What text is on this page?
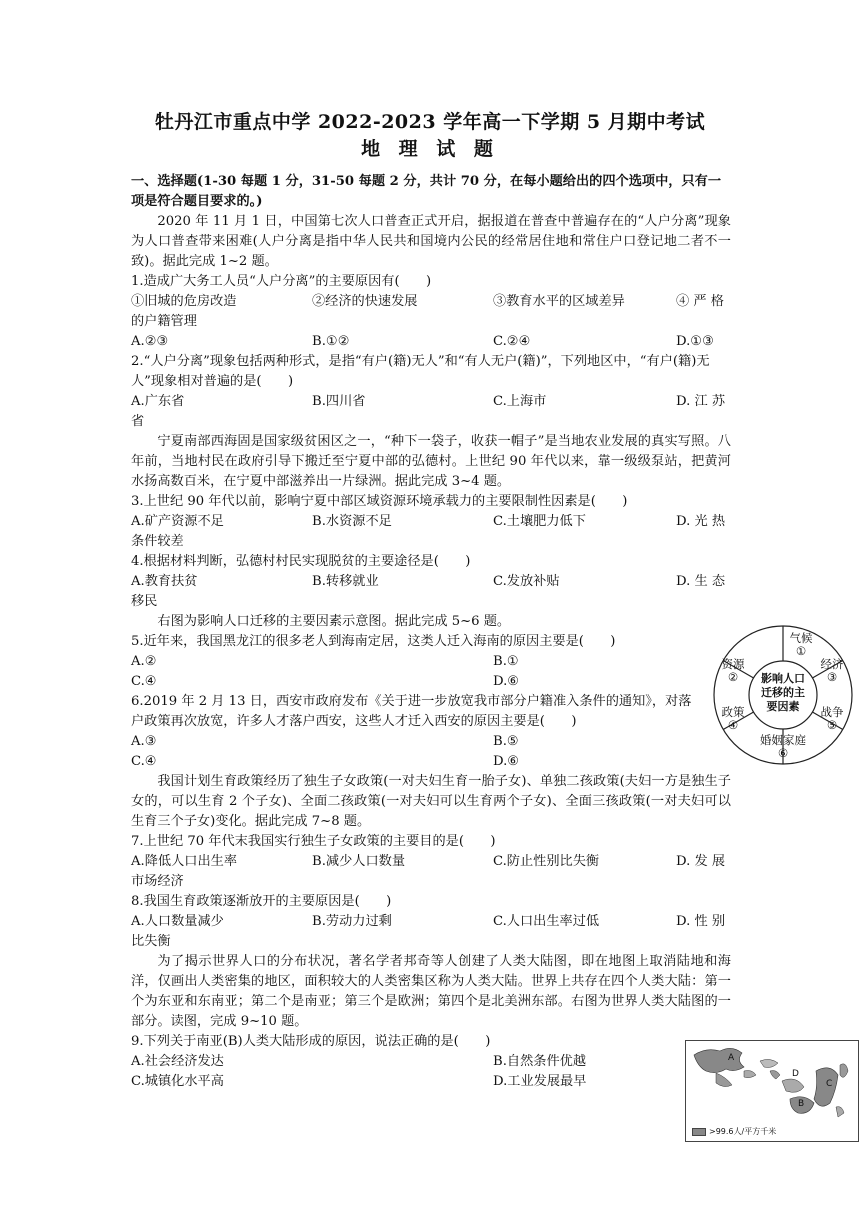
牡丹江市重点中学 2022-2023 学年高一下学期 5 月期中考试
地 理 试 题
一、选择题(1-30 每题 1 分，31-50 每题 2 分，共计 70 分，在每小题给出的四个选项中，只有一项是符合题目要求的。)
2020 年 11 月 1 日，中国第七次人口普查正式开启，据报道在普查中普遍存在的“人户分离”现象为人口普查带来困难(人户分离是指中华人民共和国境内公民的经常居住地和常住户口登记地二者不一致)。据此完成 1~2 题。
1.造成广大务工人员“人户分离”的主要原因有(　　)
①旧城的危房改造	②经济的快速发展	③教育水平的区域差异	④ 严 格
的户籍管理
A.②③	B.①②	C.②④	D.①③
2.“人户分离”现象包括两种形式，是指“有户(籍)无人”和“有人无户(籍)”，下列地区中，“有户(籍)无人”现象相对普遍的是(　　)
A.广东省	B.四川省	C.上海市	D. 江 苏
省
宁夏南部西海固是国家级贫困区之一，“种下一袋子，收获一帽子”是当地农业发展的真实写照。八年前，当地村民在政府引导下搬迁至宁夏中部的弘德村。上世纪 90 年代以来，靠一级级泵站，把黄河水扬高数百米，在宁夏中部滋养出一片绿洲。据此完成 3~4 题。
3.上世纪 90 年代以前，影响宁夏中部区域资源环境承载力的主要限制性因素是(　　)
A.矿产资源不足	B.水资源不足	C.土壤肥力低下	D. 光 热
条件较差
4.根据材料判断，弘德村村民实现脱贫的主要途径是(　　)
A.教育扶贫	B.转移就业	C.发放补贴	D. 生 态
移民
右图为影响人口迁移的主要因素示意图。据此完成 5~6 题。
5.近年来，我国黑龙江的很多老人到海南定居，这类人迁入海南的原因主要是(　　)
A.②	B.①
C.④	D.⑥
6.2019 年 2 月 13 日，西安市政府发布《关于进一步放宽我市部分户籍准入条件的通知》，对落户政策再次放宽，许多人才落户西安，这些人才迁入西安的原因主要是(　　)
A.③	B.⑤
C.④	D.⑥
我国计划生育政策经历了独生子女政策(一对夫妇生育一胎子女)、单独二孩政策(夫妇一方是独生子女的，可以生育 2 个子女)、全面二孩政策(一对夫妇可以生育两个子女)、全面三孩政策(一对夫妇可以生育三个子女)变化。据此完成 7~8 题。
7.上世纪 70 年代末我国实行独生子女政策的主要目的是(　　)
A.降低人口出生率	B.减少人口数量	C.防止性别比失衡	D. 发 展
市场经济
8.我国生育政策逐渐放开的主要原因是(　　)
A.人口数量减少	B.劳动力过剩	C.人口出生率过低	D. 性 别
比失衡
为了揭示世界人口的分布状况，著名学者邦奇等人创建了人类大陆图，即在地图上取消陆地和海洋，仅画出人类密集的地区，面积较大的人类密集区称为人类大陆。世界上共存在四个人类大陆：第一个为东亚和东南亚；第二个是南亚；第三个是欧洲；第四个是北美洲东部。右图为世界人类大陆图的一部分。读图，完成 9~10 题。
9.下列关于南亚(B)人类大陆形成的原因，说法正确的是(　　)
A.社会经济发达	B.自然条件优越
C.城镇化水平高	D.工业发展最早
影响人口
迁移的主
要因素
气候
①
经济
③
战争
⑤
婚姻家庭
⑥
政策
④
资源
②
A
D
B
C
>99.6人/平方千米
